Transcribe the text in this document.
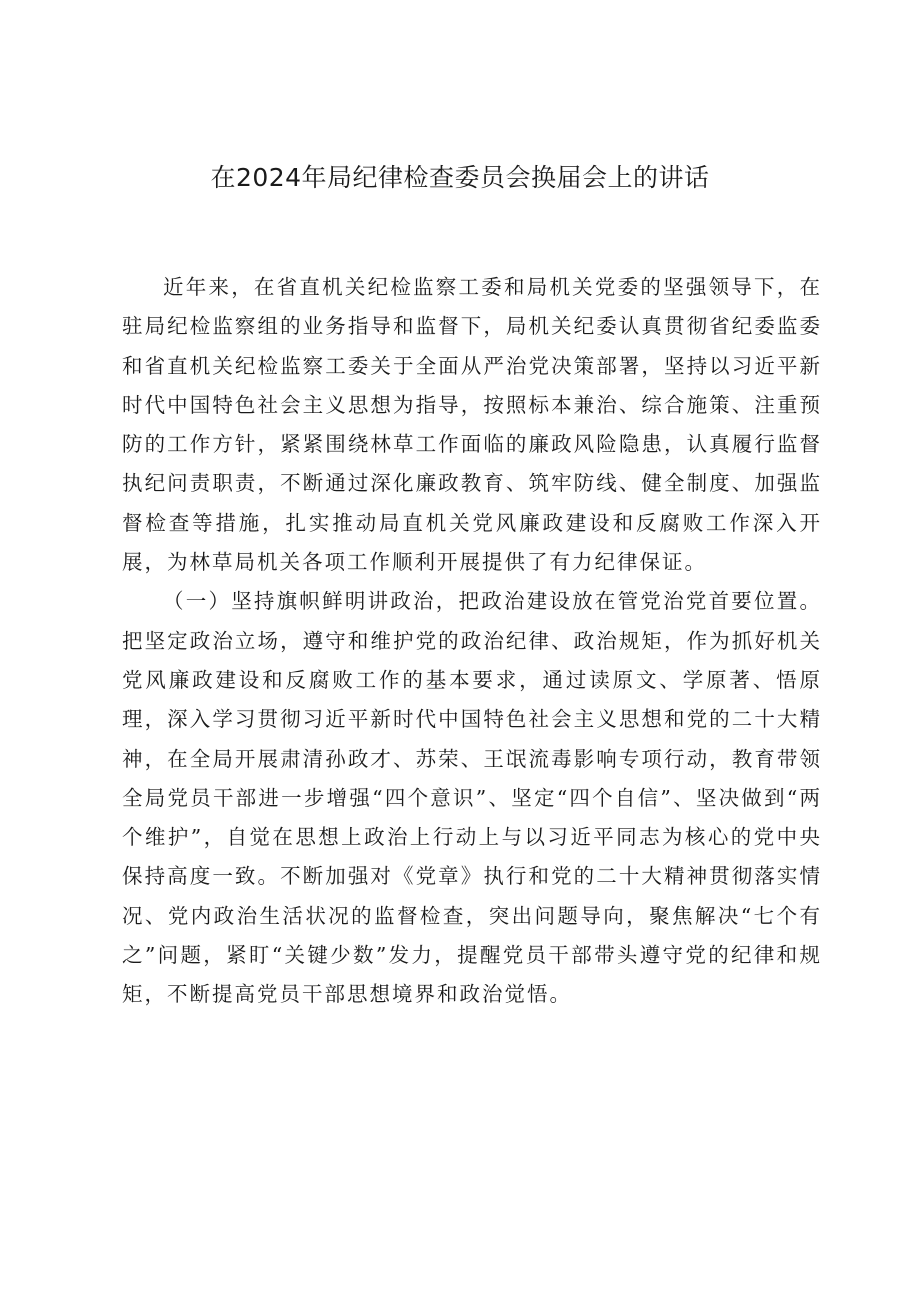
在2024年局纪律检查委员会换届会上的讲话

近年来，在省直机关纪检监察工委和局机关党委的坚强领导下，在驻局纪检监察组的业务指导和监督下，局机关纪委认真贯彻省纪委监委和省直机关纪检监察工委关于全面从严治党决策部署，坚持以习近平新时代中国特色社会主义思想为指导，按照标本兼治、综合施策、注重预防的工作方针，紧紧围绕林草工作面临的廉政风险隐患，认真履行监督执纪问责职责，不断通过深化廉政教育、筑牢防线、健全制度、加强监督检查等措施，扎实推动局直机关党风廉政建设和反腐败工作深入开展，为林草局机关各项工作顺利开展提供了有力纪律保证。

（一）坚持旗帜鲜明讲政治，把政治建设放在管党治党首要位置。把坚定政治立场，遵守和维护党的政治纪律、政治规矩，作为抓好机关党风廉政建设和反腐败工作的基本要求，通过读原文、学原著、悟原理，深入学习贯彻习近平新时代中国特色社会主义思想和党的二十大精神，在全局开展肃清孙政才、苏荣、王氓流毒影响专项行动，教育带领全局党员干部进一步增强“四个意识”、坚定“四个自信”、坚决做到“两个维护”，自觉在思想上政治上行动上与以习近平同志为核心的党中央保持高度一致。不断加强对《党章》执行和党的二十大精神贯彻落实情况、党内政治生活状况的监督检查，突出问题导向，聚焦解决“七个有之”问题，紧盯“关键少数”发力，提醒党员干部带头遵守党的纪律和规矩，不断提高党员干部思想境界和政治觉悟。
